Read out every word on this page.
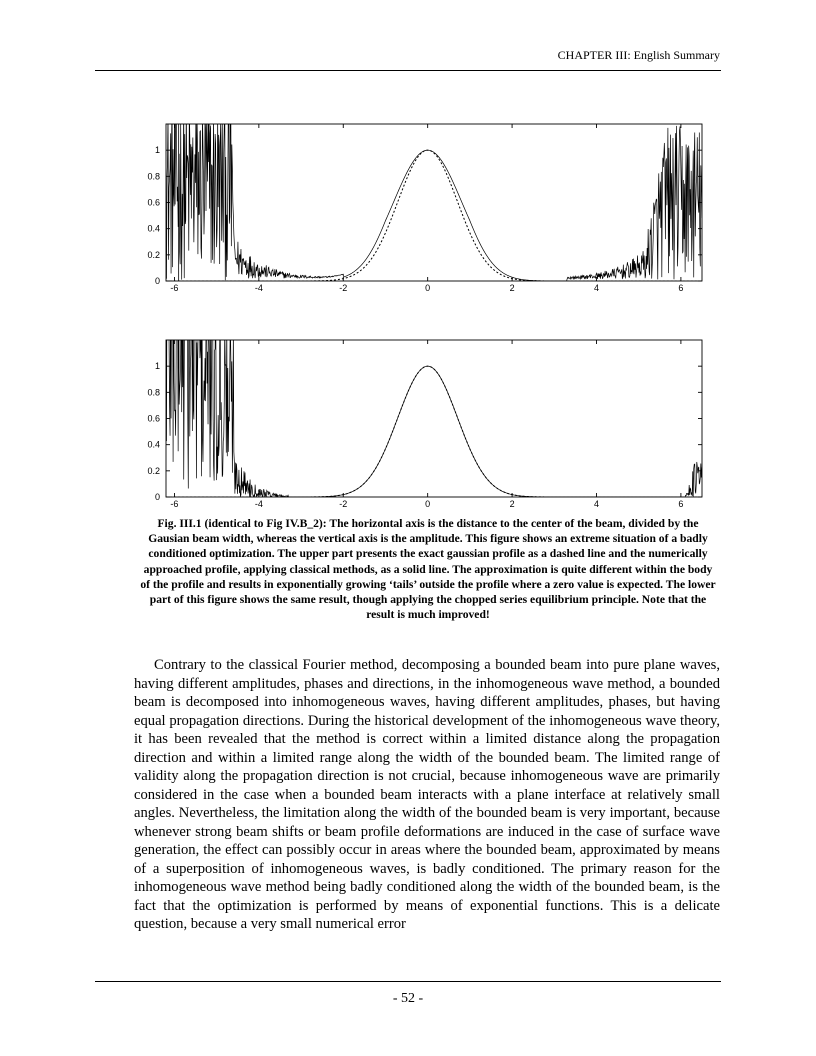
CHAPTER III: English Summary
-6	-4	-2	0	2	4	6
0
0.2
0.4
0.6
0.8
1
-6	-4	-2	0	2	4	6
0
0.2
0.4
0.6
0.8
1
Fig. III.1 (identical to Fig IV.B_2): The horizontal axis is the distance to the center of the beam, divided by the Gausian beam width, whereas the vertical axis is the amplitude. This figure shows an extreme situation of a badly conditioned optimization. The upper part presents the exact gaussian profile as a dashed line and the numerically approached profile, applying classical methods, as a solid line. The approximation is quite different within the body of the profile and results in exponentially growing ‘tails’ outside the profile where a zero value is expected. The lower part of this figure shows the same result, though applying the chopped series equilibrium principle. Note that the result is much improved!

Contrary to the classical Fourier method, decomposing a bounded beam into pure plane waves, having different amplitudes, phases and directions, in the inhomogeneous wave method, a bounded beam is decomposed into inhomogeneous waves, having different amplitudes, phases, but having equal propagation directions. During the historical development of the inhomogeneous wave theory, it has been revealed that the method is correct within a limited distance along the propagation direction and within a limited range along the width of the bounded beam. The limited range of validity along the propagation direction is not crucial, because inhomogeneous wave are primarily considered in the case when a bounded beam interacts with a plane interface at relatively small angles. Nevertheless, the limitation along the width of the bounded beam is very important, because whenever strong beam shifts or beam profile deformations are induced in the case of surface wave generation, the effect can possibly occur in areas where the bounded beam, approximated by means of a superposition of inhomogeneous waves, is badly conditioned. The primary reason for the inhomogeneous wave method being badly conditioned along the width of the bounded beam, is the fact that the optimization is performed by means of exponential functions. This is a delicate question, because a very small numerical error

- 52 -
